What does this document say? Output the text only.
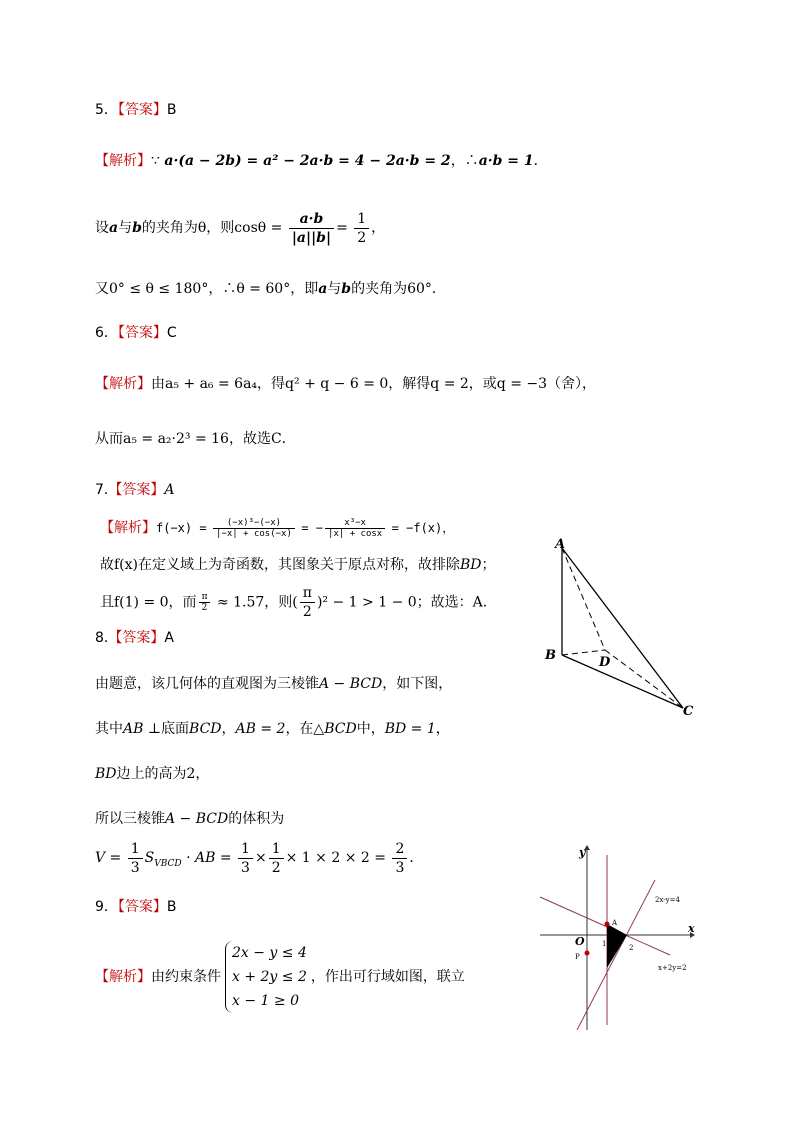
5．【答案】B
【解析】∵ a·(a − 2b) = a² − 2a·b = 4 − 2a·b = 2，∴a·b = 1．
设a与b的夹角为θ，则$\cos\theta = \frac{a\cdot b}{|a||b|} = \frac{1}{2}$ ，
又0° ≤ θ ≤ 180°，∴θ = 60°，即a与b的夹角为60°．
6．【答案】C
【解析】由a₅ + a₆ = 6a₄，得q² + q − 6 = 0，解得q = 2，或q = −3（舍），
从而a₅ = a₂·2³ = 16，故选C．
7.【答案】A
【解析】$f(-x) = \frac{\text{(−x)³−(−x)}}{|-x| + \cos(-x)}$ = − $\frac{\text{x³−x}}{|x| + \cos x} = -f(x)$，
故f(x)在定义域上为奇函数，其图象关于原点对称，故排除BD；
且f(1) = 0，而 $\frac{\pi}{2} \approx 1.57$，则( $\frac{\pi}{2} )^2 - 1 > 1 - 0$；故选：A.
8.【答案】A
由题意，该几何体的直观图为三棱锥A − BCD，如下图，
其中AB ⊥底面BCD，AB = 2，在△BCD中，BD = 1，
BD边上的高为2，
所以三棱锥A − BCD的体积为
$V = \frac{1}{3} S_{VBCD}$ · AB = $\frac{1}{3} \times \frac{1}{2} \times 1 \times 2 \times 2 = \frac{2}{3}$ ．
9．【答案】B
【解析】由约束条件
2x − y ≤ 4
x + 2y ≤ 2
x − 1 ≥ 0
，作出可行域如图，联立
A
B	D
C
x
y
O
P
A
1	2
2x-y=4
x+2y=2
